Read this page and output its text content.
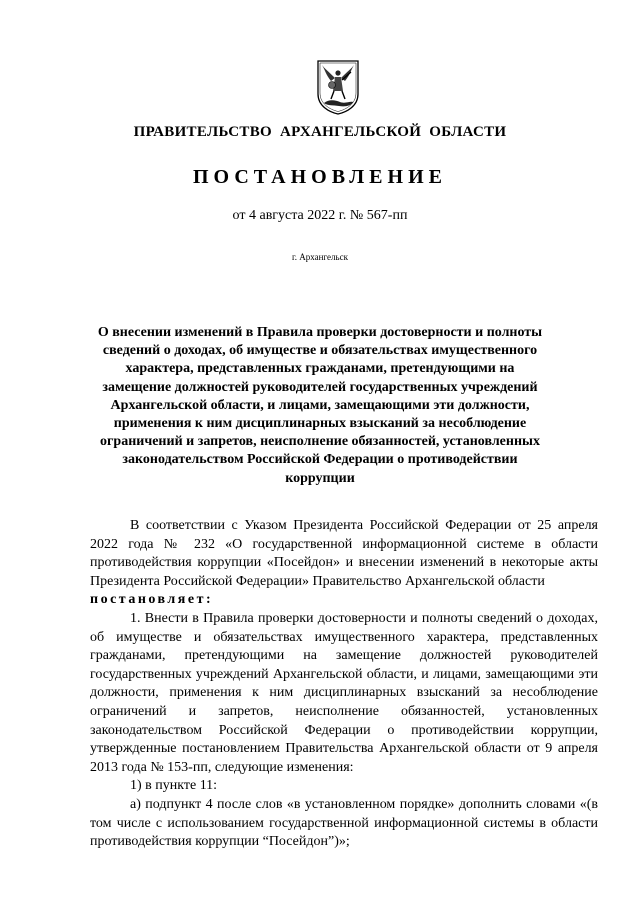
ПРАВИТЕЛЬСТВО АРХАНГЕЛЬСКОЙ ОБЛАСТИ
ПОСТАНОВЛЕНИЕ
от 4 августа 2022 г. № 567-пп
г. Архангельск
О внесении изменений в Правила проверки достоверности и полноты сведений о доходах, об имуществе и обязательствах имущественного характера, представленных гражданами, претендующими на замещение должностей руководителей государственных учреждений Архангельской области, и лицами, замещающими эти должности, применения к ним дисциплинарных взысканий за несоблюдение ограничений и запретов, неисполнение обязанностей, установленных законодательством Российской Федерации о противодействии коррупции

В соответствии с Указом Президента Российской Федерации от 25 апреля 2022 года № 232 «О государственной информационной системе в области противодействия коррупции «Посейдон» и внесении изменений в некоторые акты Президента Российской Федерации» Правительство Архангельской области

постановляет:

1. Внести в Правила проверки достоверности и полноты сведений о доходах, об имуществе и обязательствах имущественного характера, представленных гражданами, претендующими на замещение должностей руководителей государственных учреждений Архангельской области, и лицами, замещающими эти должности, применения к ним дисциплинарных взысканий за несоблюдение ограничений и запретов, неисполнение обязанностей, установленных законодательством Российской Федерации о противодействии коррупции, утвержденные постановлением Правительства Архангельской области от 9 апреля 2013 года № 153-пп, следующие изменения:

1) в пункте 11:

а) подпункт 4 после слов «в установленном порядке» дополнить словами «(в том числе с использованием государственной информационной системы в области противодействия коррупции “Посейдон”)»;
